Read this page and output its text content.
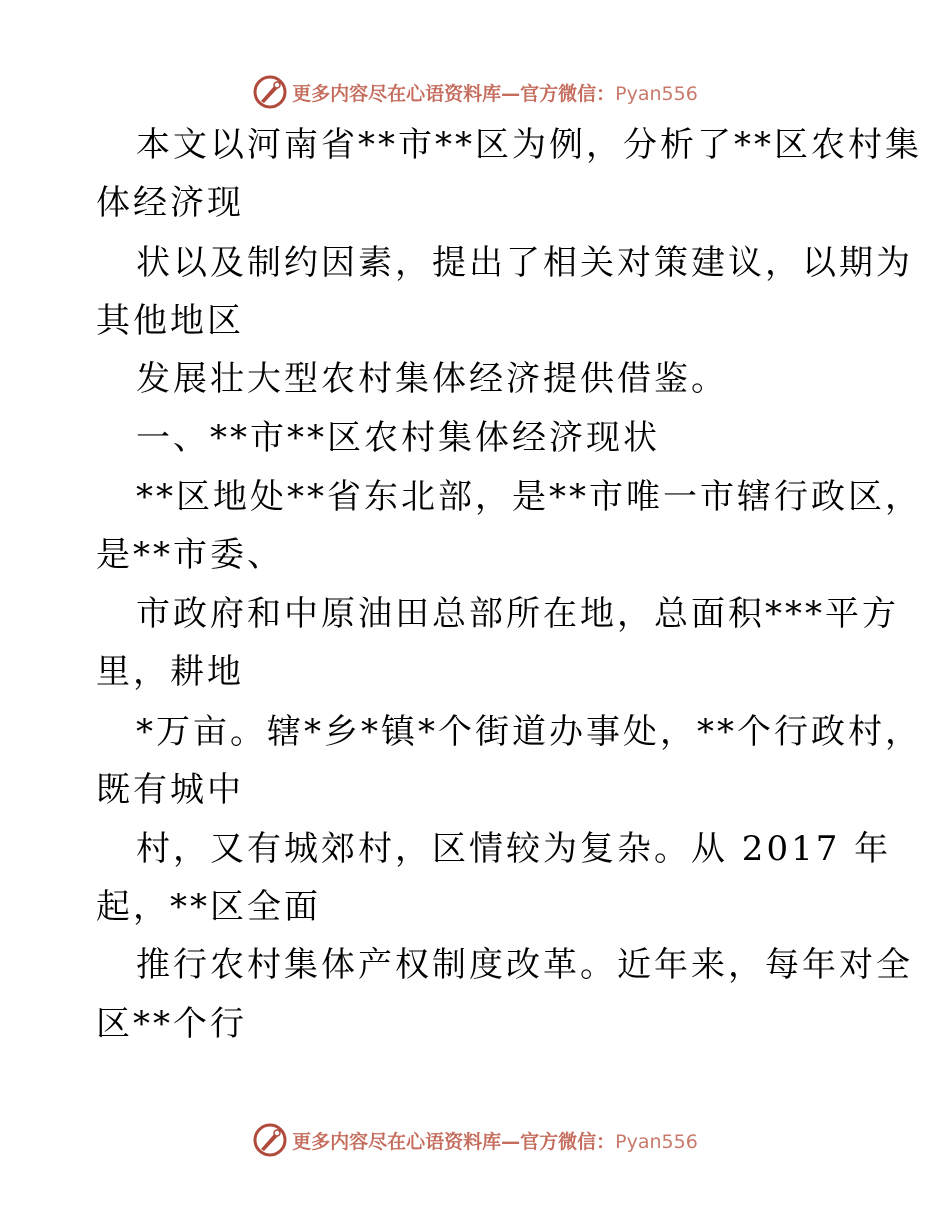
更多内容尽在心语资料库—官方微信：Pyan556
本文以河南省**市**区为例，分析了**区农村集
体经济现
状以及制约因素，提出了相关对策建议，以期为
其他地区
发展壮大型农村集体经济提供借鉴。
一、**市**区农村集体经济现状
**区地处**省东北部，是**市唯一市辖行政区，
是**市委、
市政府和中原油田总部所在地，总面积***平方
里，耕地
*万亩。辖*乡*镇*个街道办事处，**个行政村，
既有城中
村，又有城郊村，区情较为复杂。从 2017 年
起，**区全面
推行农村集体产权制度改革。近年来，每年对全
区**个行
更多内容尽在心语资料库—官方微信：Pyan556
